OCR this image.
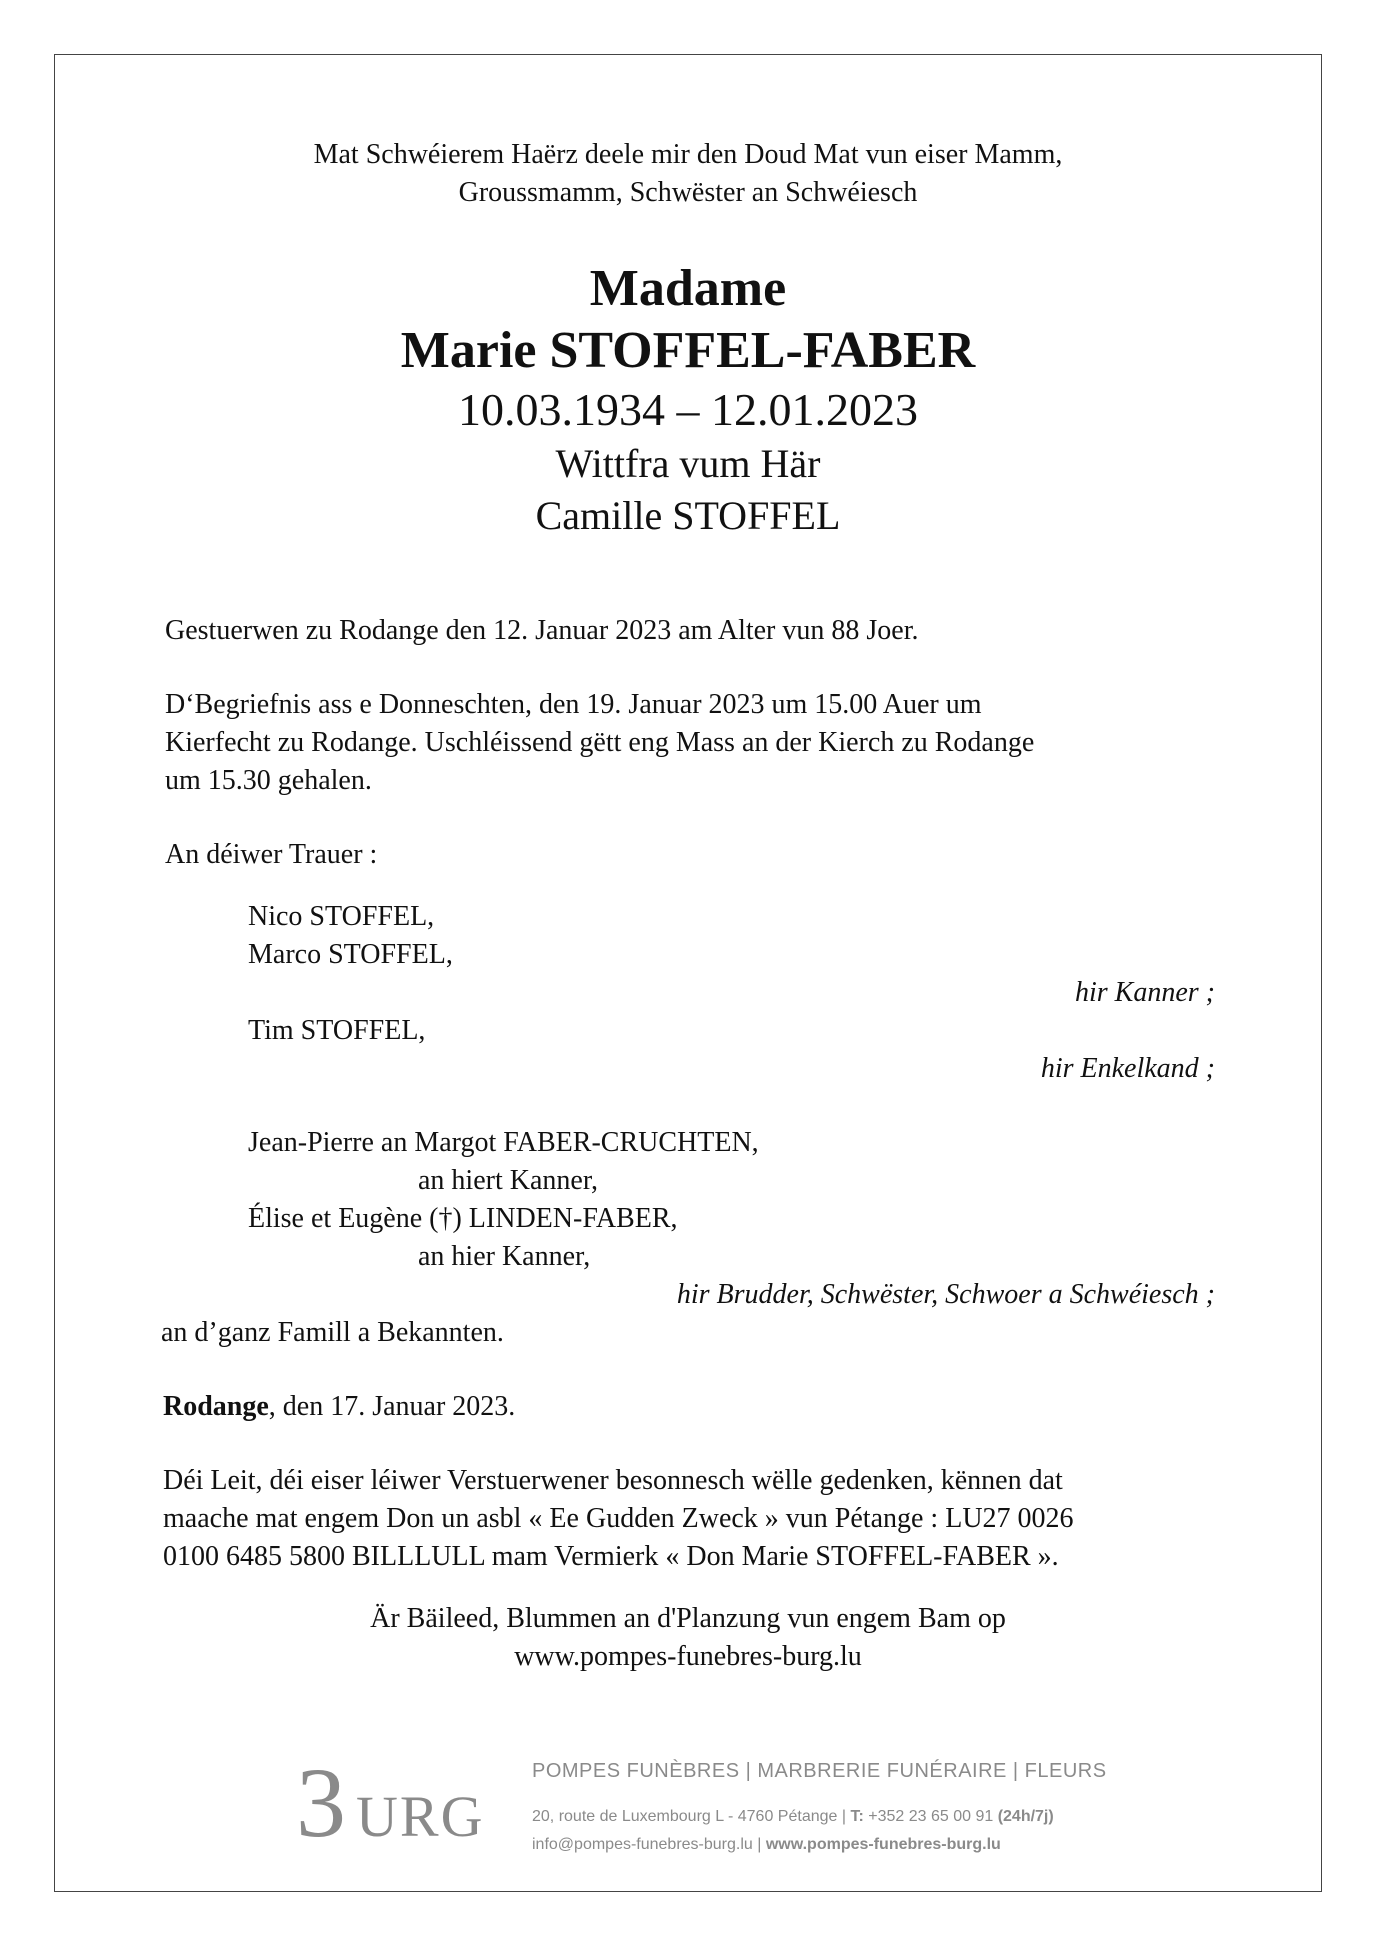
Mat Schwéierem Haërz deele mir den Doud Mat vun eiser Mamm,
Groussmamm, Schwëster an Schwéiesch
Madame
Marie STOFFEL-FABER
10.03.1934 – 12.01.2023
Wittfra vum Här
Camille STOFFEL
Gestuerwen zu Rodange den 12. Januar 2023 am Alter vun 88 Joer.
D‘Begriefnis ass e Donneschten, den 19. Januar 2023 um 15.00 Auer um
Kierfecht zu Rodange. Uschléissend gëtt eng Mass an der Kierch zu Rodange
um 15.30 gehalen.
An déiwer Trauer :
Nico STOFFEL,
Marco STOFFEL,
hir Kanner ;
Tim STOFFEL,
hir Enkelkand ;
Jean-Pierre an Margot FABER-CRUCHTEN,
an hiert Kanner,
Élise et Eugène (†) LINDEN-FABER,
an hier Kanner,
hir Brudder, Schwëster, Schwoer a Schwéiesch ;
an d’ganz Famill a Bekannten.
Rodange, den 17. Januar 2023.
Déi Leit, déi eiser léiwer Verstuerwener besonnesch wëlle gedenken, kënnen dat
maache mat engem Don un asbl « Ee Gudden Zweck » vun Pétange : LU27 0026
0100 6485 5800 BILLLULL mam Vermierk « Don Marie STOFFEL-FABER ».
Är Bäileed, Blummen an d'Planzung vun engem Bam op
www.pompes-funebres-burg.lu
3 URG
POMPES FUNÈBRES | MARBRERIE FUNÉRAIRE | FLEURS
20, route de Luxembourg L - 4760 Pétange | T: +352 23 65 00 91 (24h/7j)
info@pompes-funebres-burg.lu | www.pompes-funebres-burg.lu
